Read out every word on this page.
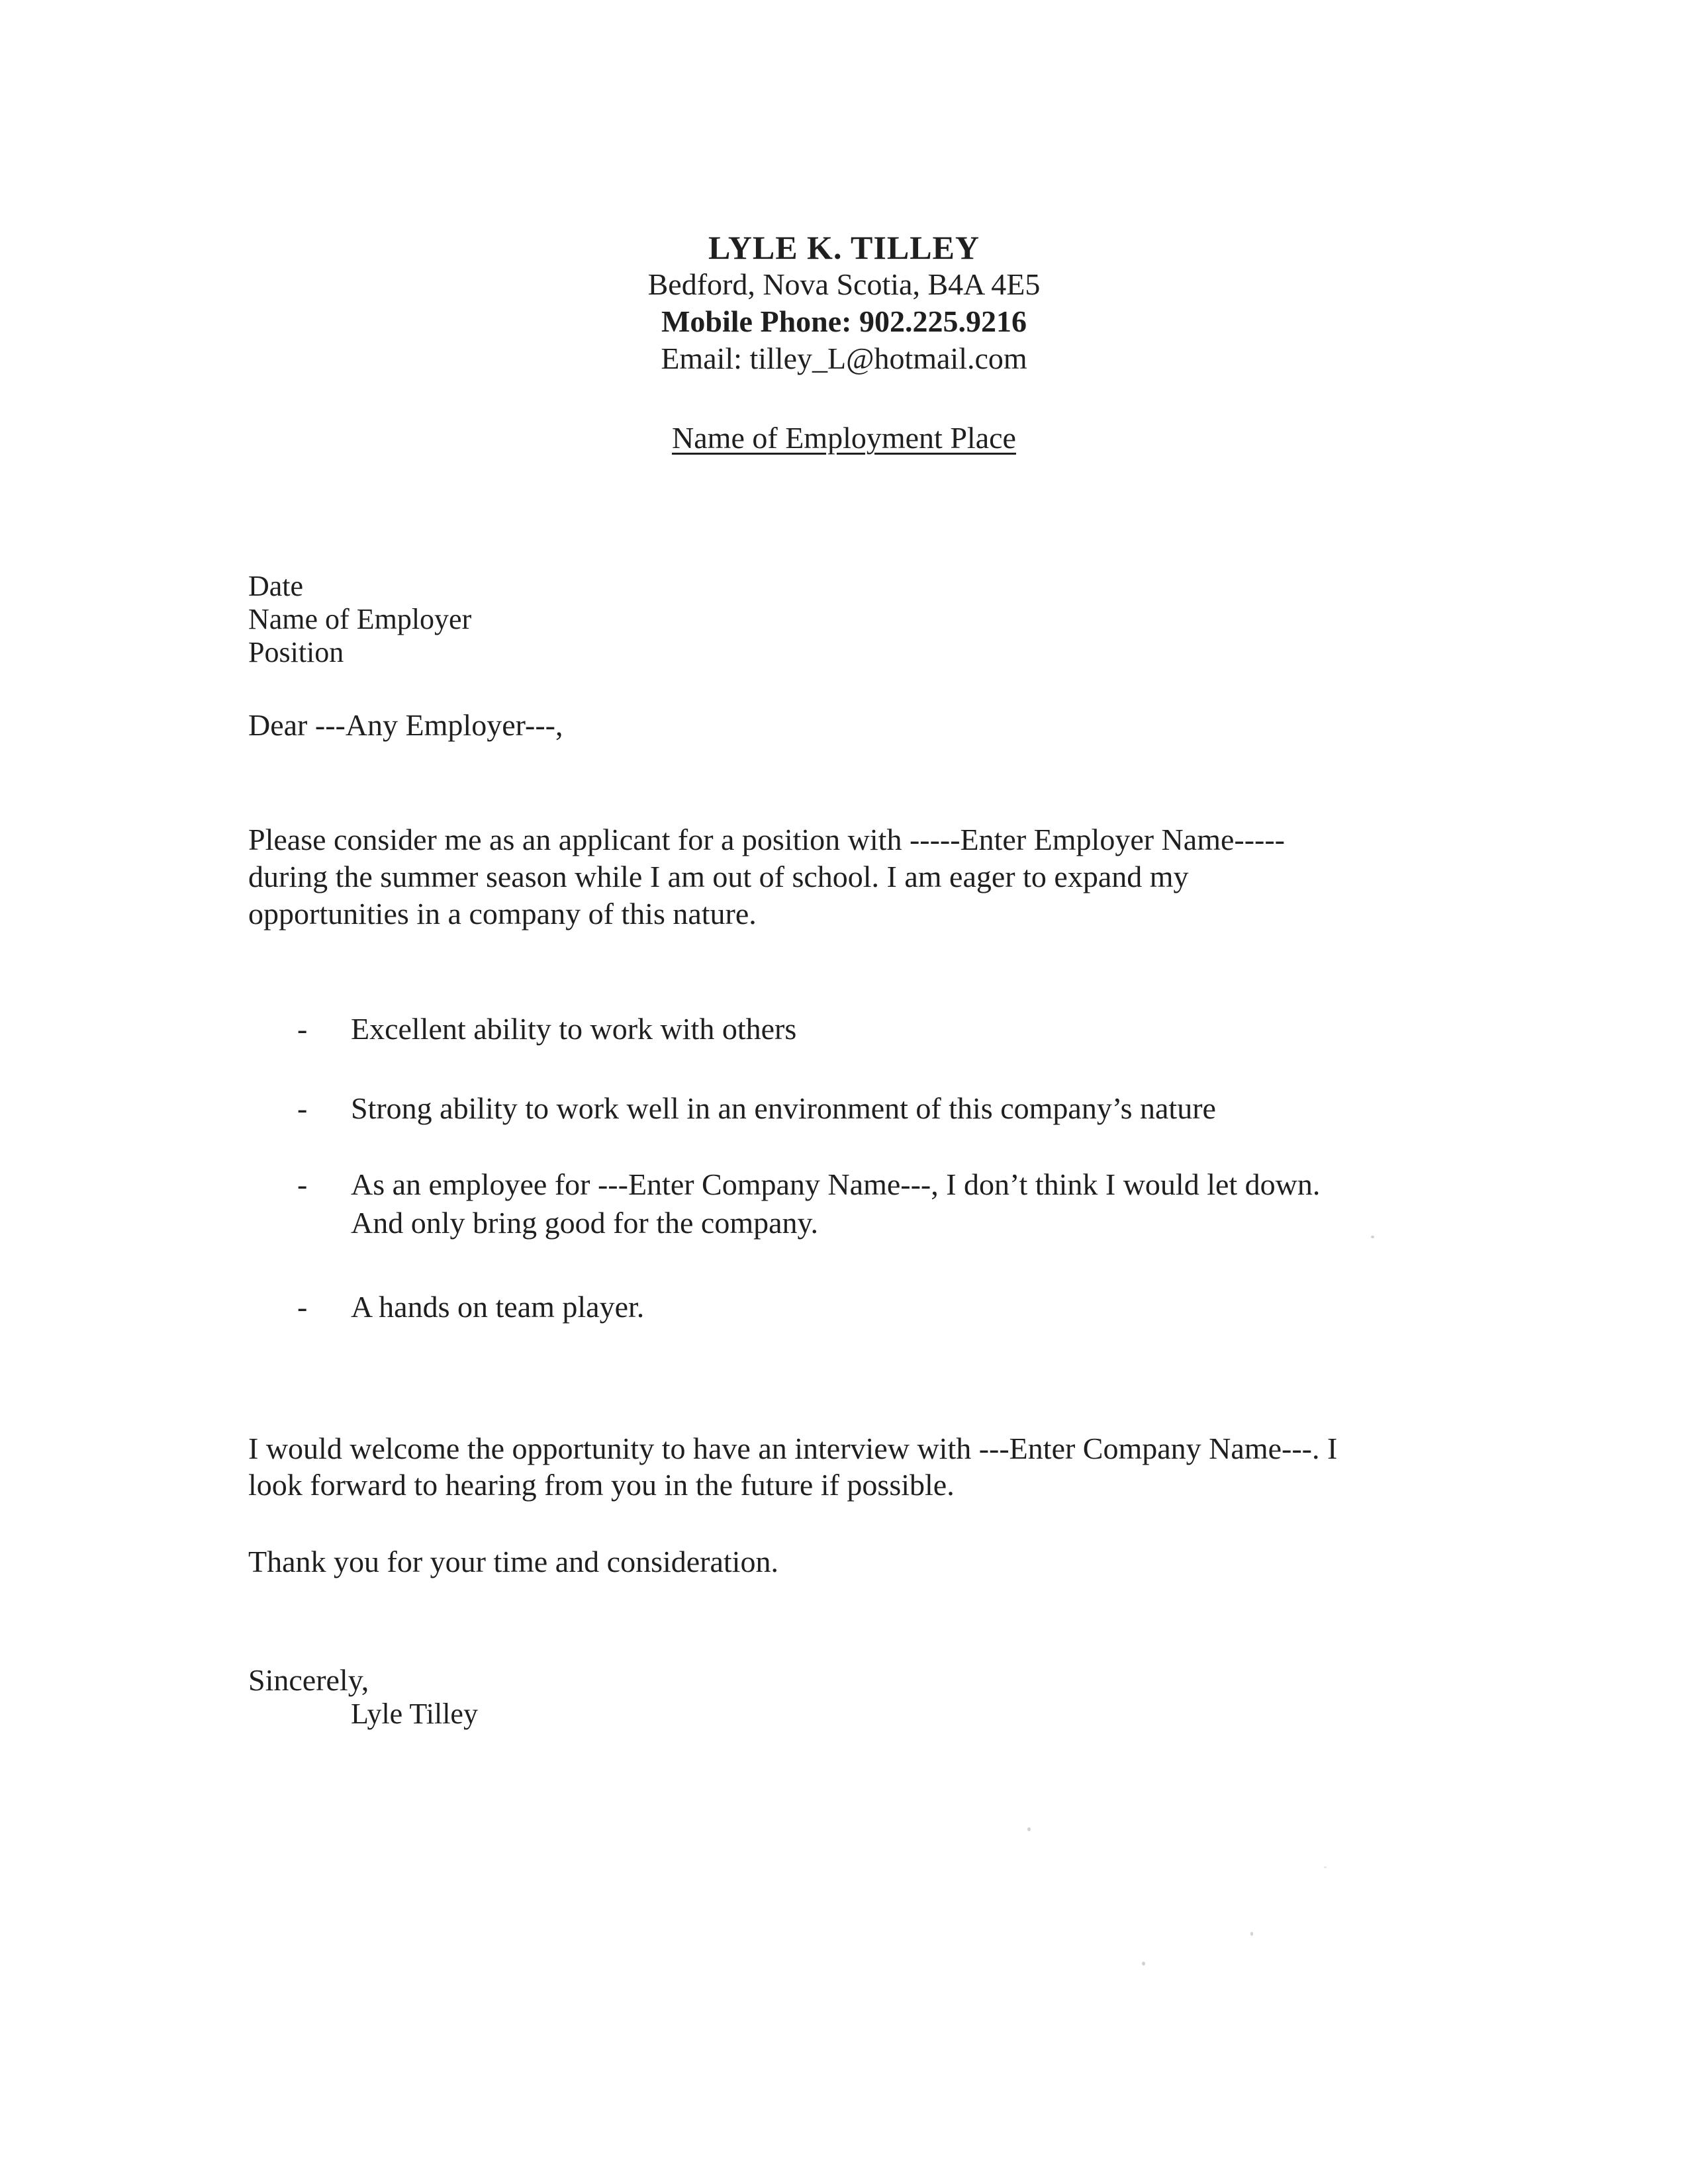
LYLE K. TILLEY
Bedford, Nova Scotia, B4A 4E5
Mobile Phone: 902.225.9216
Email: tilley_L@hotmail.com
Name of Employment Place
Date
Name of Employer
Position
Dear ---Any Employer---,
Please consider me as an applicant for a position with -----Enter Employer Name-----
during the summer season while I am out of school. I am eager to expand my
opportunities in a company of this nature.
-	Excellent ability to work with others
-	Strong ability to work well in an environment of this company’s nature
-	As an employee for ---Enter Company Name---, I don’t think I would let down.
And only bring good for the company.
-	A hands on team player.
I would welcome the opportunity to have an interview with ---Enter Company Name---. I
look forward to hearing from you in the future if possible.
Thank you for your time and consideration.
Sincerely,
Lyle Tilley
